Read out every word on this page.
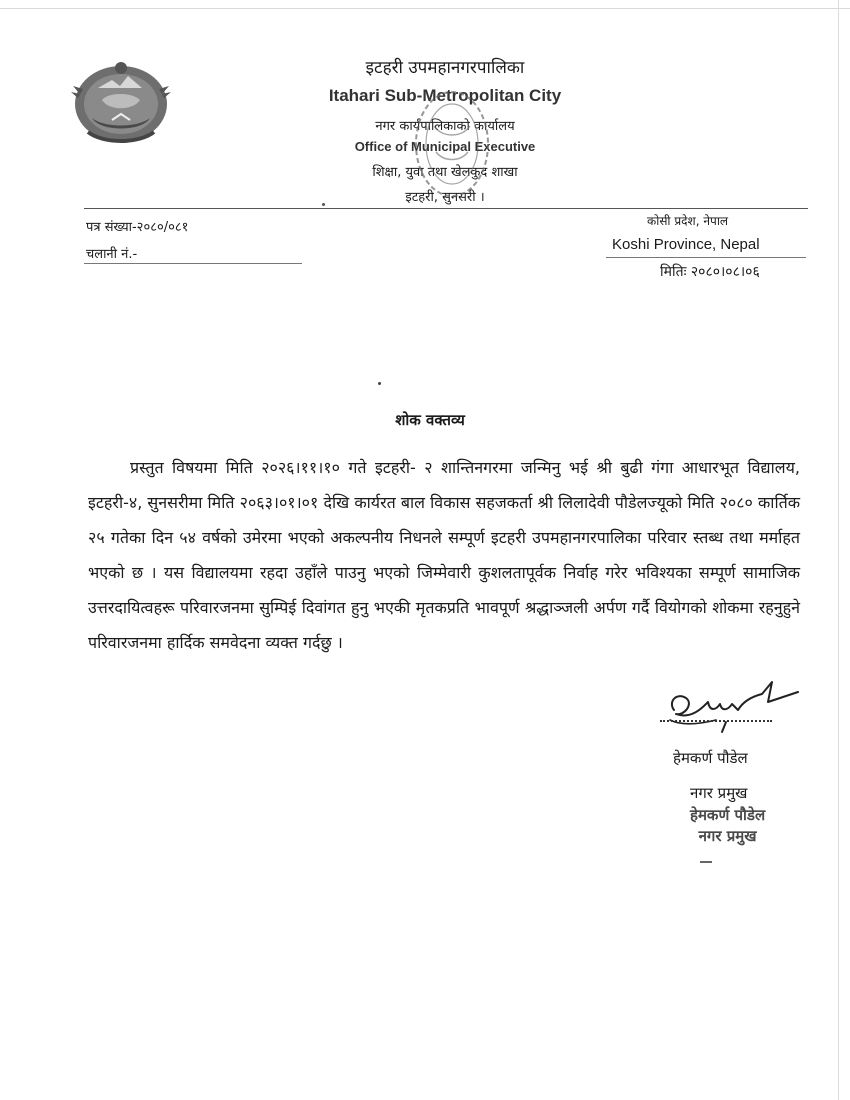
इटहरी उपमहानगरपालिका
Itahari Sub-Metropolitan City
नगर कार्यपालिकाको कार्यालय
Office of Municipal Executive
शिक्षा, युवा तथा खेलकुद शाखा
इटहरी, सुनसरी ।
पत्र संख्या-२०८०/०८१
चलानी नं.-
कोसी प्रदेश, नेपाल
Koshi Province, Nepal
मितिः २०८०।०८।०६
शोक वक्तव्य

प्रस्तुत विषयमा मिति २०२६।११।१० गते इटहरी- २ शान्तिनगरमा जन्मिनु भई श्री बुढी गंगा आधारभूत विद्यालय, इटहरी-४, सुनसरीमा मिति २०६३।०१।०१ देखि कार्यरत बाल विकास सहजकर्ता श्री लिलादेवी पौडेलज्यूको मिति २०८० कार्तिक २५ गतेका दिन ५४ वर्षको उमेरमा भएको अकल्पनीय निधनले सम्पूर्ण इटहरी उपमहानगरपालिका परिवार स्तब्ध तथा मर्माहत भएको छ । यस विद्यालयमा रहदा उहाँले पाउनु भएको जिम्मेवारी कुशलतापूर्वक निर्वाह गरेर भविश्यका सम्पूर्ण सामाजिक उत्तरदायित्वहरू परिवारजनमा सुम्पिई दिवांगत हुनु भएकी मृतकप्रति भावपूर्ण श्रद्धाञ्जली अर्पण गर्दै वियोगको शोकमा रहनुहुने परिवारजनमा हार्दिक समवेदना व्यक्त गर्दछु ।

हेमकर्ण पौडेल
नगर प्रमुख
हेमकर्ण पौडेल
नगर प्रमुख
